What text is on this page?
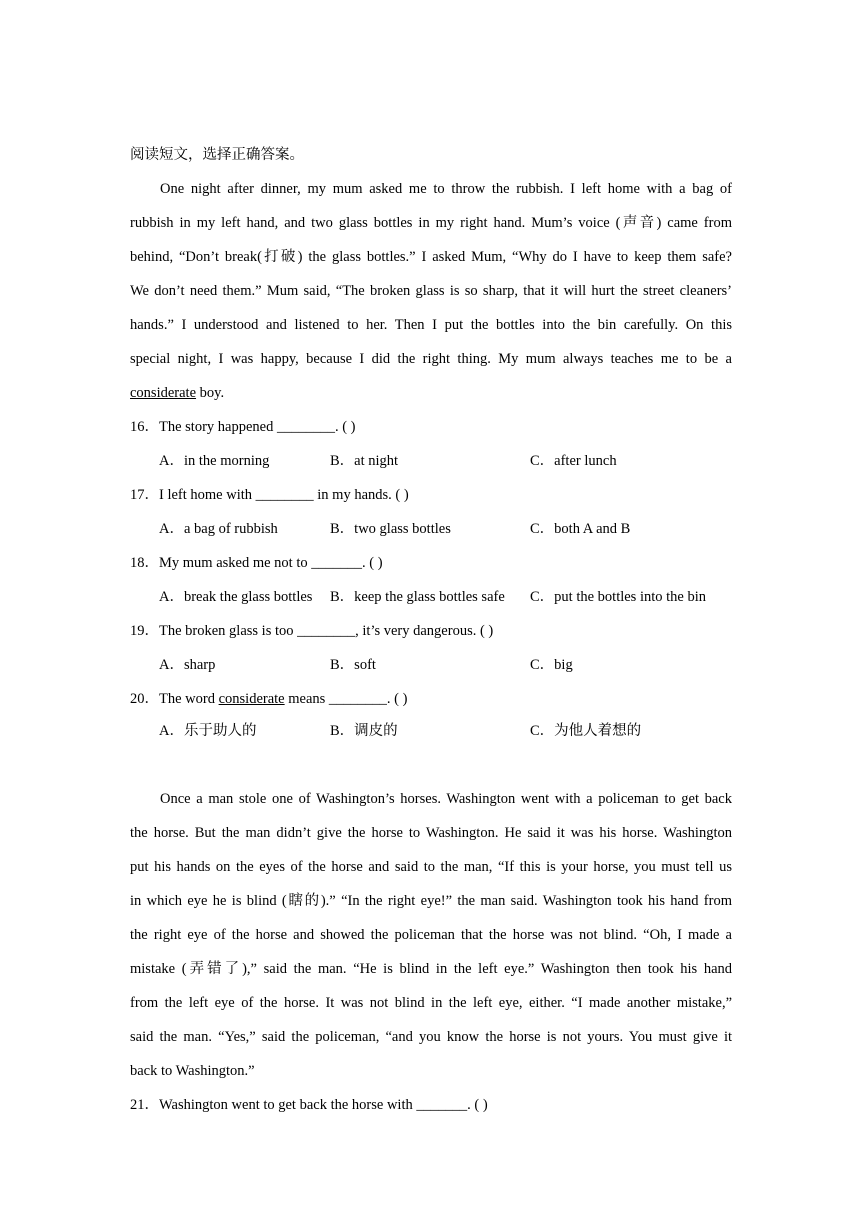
阅读短文，选择正确答案。
One night after dinner, my mum asked me to throw the rubbish. I left home with a bag of
rubbish in my left hand, and two glass bottles in my right hand. Mum’s voice (声音) came from
behind, “Don’t break(打破) the glass bottles.” I asked Mum, “Why do I have to keep them safe?
We don’t need them.” Mum said, “The broken glass is so sharp, that it will hurt the street cleaners’
hands.” I understood and listened to her. Then I put the bottles into the bin carefully. On this
special night, I was happy, because I did the right thing. My mum always teaches me to be a
considerate boy.
16．The story happened ________. ( )
A．in the morning	B．at night	C．after lunch
17．I left home with ________ in my hands. ( )
A．a bag of rubbish	B．two glass bottles	C．both A and B
18．My mum asked me not to _______. ( )
A．break the glass bottles B．keep the glass bottles safe C．put the bottles into the bin
19．The broken glass is too ________, it’s very dangerous. ( )
A．sharp	B．soft	C．big
20．The word considerate means ________. ( )
A．乐于助人的	B．调皮的	C．为他人着想的
Once a man stole one of Washington’s horses. Washington went with a policeman to get back
the horse. But the man didn’t give the horse to Washington. He said it was his horse. Washington
put his hands on the eyes of the horse and said to the man, “If this is your horse, you must tell us
in which eye he is blind (瞎的).” “In the right eye!” the man said. Washington took his hand from
the right eye of the horse and showed the policeman that the horse was not blind. “Oh, I made a
mistake (弄错了),” said the man. “He is blind in the left eye.” Washington then took his hand
from the left eye of the horse. It was not blind in the left eye, either. “I made another mistake,”
said the man. “Yes,” said the policeman, “and you know the horse is not yours. You must give it
back to Washington.”
21．Washington went to get back the horse with _______. ( )
